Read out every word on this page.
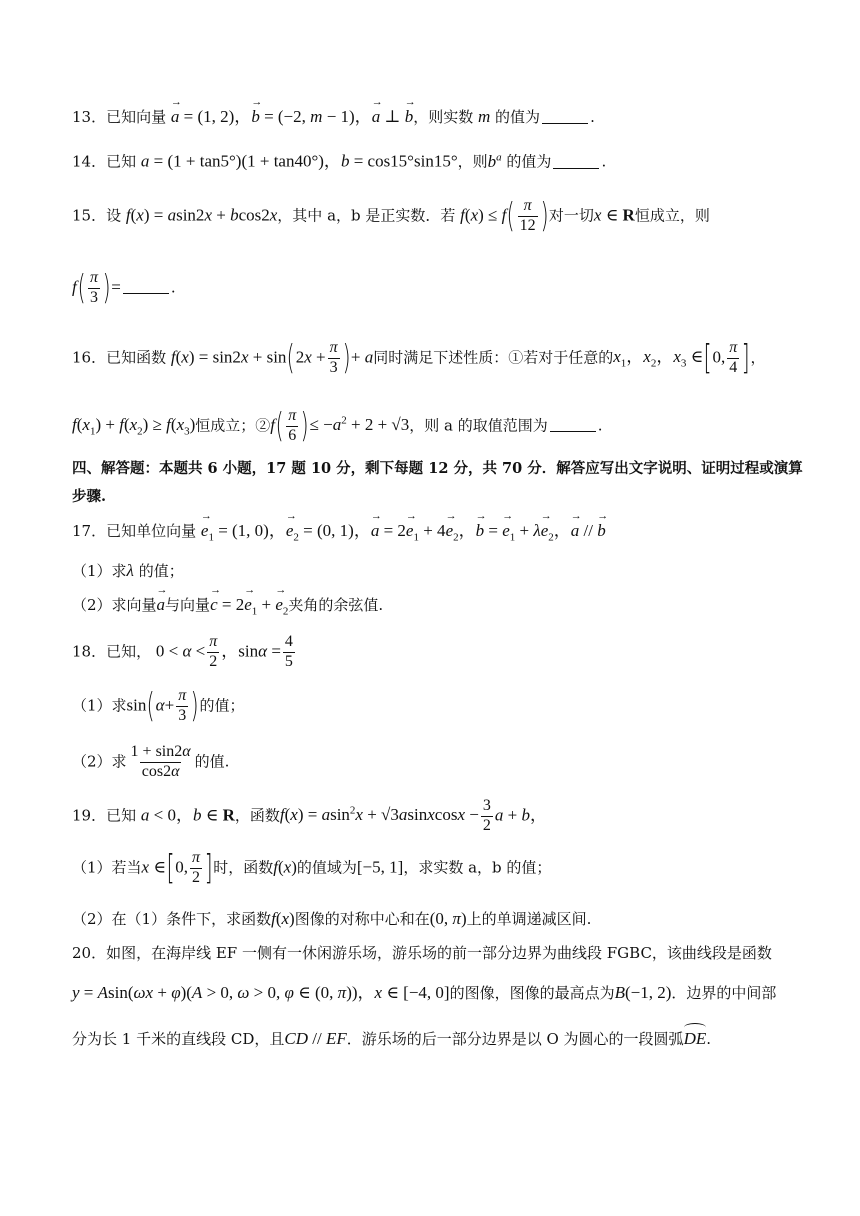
13．已知向量 → a = (1, 2)，→ b = (−2, m − 1)，→ a ⊥ → b，则实数 m 的值为	.
14．已知 a = (1 + tan5°)(1 + tan40°)，b = cos15°sin15°，则$b^a$ 的值为	.
15．设 f(x) = asin2x + bcos2x，其中 a，b 是正实数．若 $f(x) \le f( \frac{\pi}{12}$ )对一切x ∈ R恒成立，则
$f( \frac{\pi}{3}$ )=	.
16．已知函数 $f(x) = \sin 2x + \sin(2x + \frac{\pi}{3}$ )+ a同时满足下述性质：①若对于任意的$x_1$，$x_2$，$x_3$ ∈[0, $\frac{\pi}{4}$ ]，
$f(x_1) + f(x_2) \ge f(x_3)$恒成立；②f( $\frac{\pi}{6}$ )≤ $-a^2 + 2 + √3$，则 a 的取值范围为	.
四、解答题：本题共 6 小题，17 题 10 分，剩下每题 12 分，共 70 分．解答应写出文字说明、证明过程或演算
步骤.
17．已知单位向量 → $e_1 = (1$, 0)，→ $e_2 = (0$, 1)，→ $a = 2\to e_1 + 4\to e_2$，→ b = → $e_1 + \lambda\to e_2$，→ a // → b
（1）求λ 的值；
（2）求向量→ a与向量→ $c = 2\to e_1$ + → $e_2$夹角的余弦值.
18．已知， $0 < \alpha < \frac{\pi}{2}$ ，$\sin\alpha = \frac{4}{5}$
（1）求$\sin(\alpha+ \frac{\pi}{3}$ )的值；
（2）求 $\frac{1 + \sin 2\alpha}{\cos 2\alpha}$ 的值.
19．已知 a < 0，b ∈ R，函数f(x) = asin$^2$x + √3asinxcosx − $\frac{3}{2}$ a + b，
（1）若当x ∈[0, $\frac{\pi}{2}$ ]时，函数f(x)的值域为[−5, 1]，求实数 a，b 的值；
（2）在（1）条件下，求函数f(x)图像的对称中心和在(0, π)上的单调递减区间.
20．如图，在海岸线 EF 一侧有一休闲游乐场，游乐场的前一部分边界为曲线段 FGBC，该曲线段是函数
y = Asin(ωx + φ)(A > 0, ω > 0, φ ∈ (0, π))，x ∈ [−4, 0]的图像，图像的最高点为B(−1, 2)．边界的中间部
分为长 1 千米的直线段 CD，且CD // EF．游乐场的后一部分边界是以 O 为圆心的一段圆弧DE.
